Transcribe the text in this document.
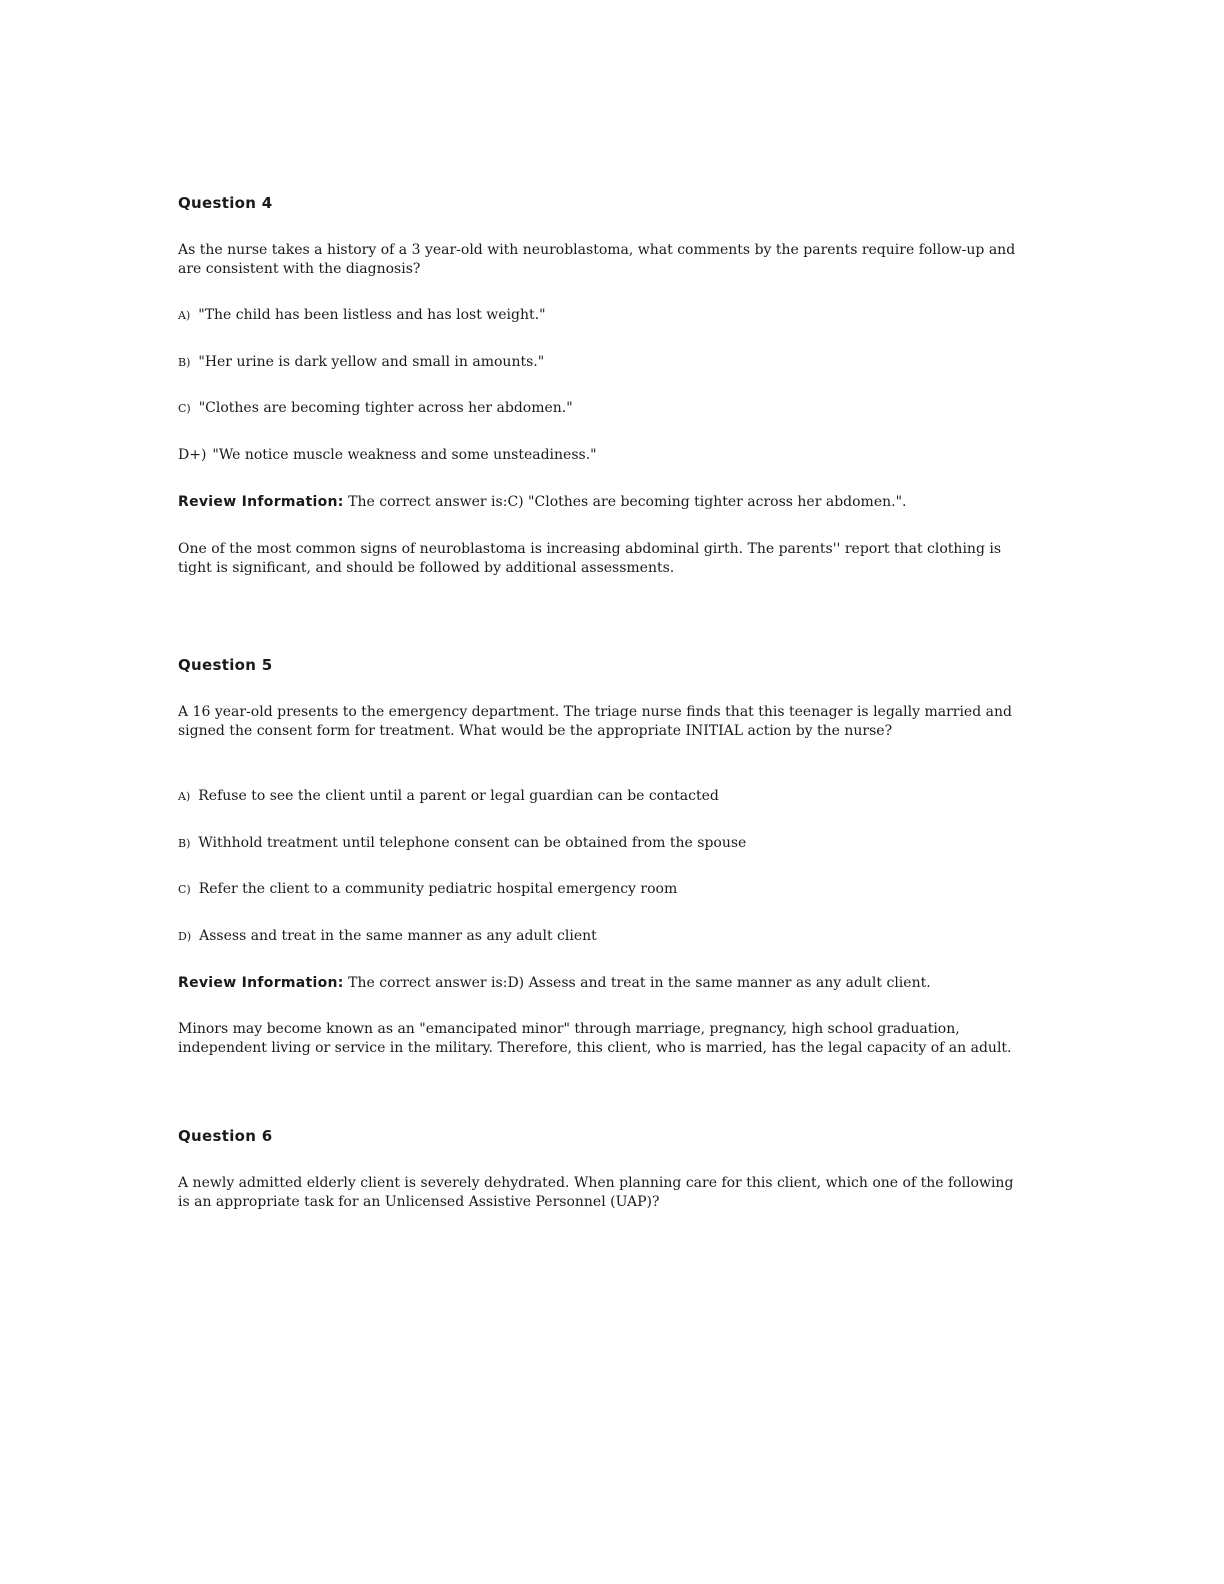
Question 4

As the nurse takes a history of a 3 year-old with neuroblastoma, what comments by the parents require follow-up and are consistent with the diagnosis?

A) "The child has been listless and has lost weight."
B) "Her urine is dark yellow and small in amounts."
C) "Clothes are becoming tighter across her abdomen."
D+) "We notice muscle weakness and some unsteadiness."
Review Information: The correct answer is:C) "Clothes are becoming tighter across her abdomen.".

One of the most common signs of neuroblastoma is increasing abdominal girth. The parents'' report that clothing is tight is significant, and should be followed by additional assessments.

Question 5

A 16 year-old presents to the emergency department. The triage nurse finds that this teenager is legally married and signed the consent form for treatment. What would be the appropriate INITIAL action by the nurse?

A) Refuse to see the client until a parent or legal guardian can be contacted
B) Withhold treatment until telephone consent can be obtained from the spouse
C) Refer the client to a community pediatric hospital emergency room
D) Assess and treat in the same manner as any adult client
Review Information: The correct answer is:D) Assess and treat in the same manner as any adult client.

Minors may become known as an "emancipated minor" through marriage, pregnancy, high school graduation, independent living or service in the military. Therefore, this client, who is married, has the legal capacity of an adult.

Question 6

A newly admitted elderly client is severely dehydrated. When planning care for this client, which one of the following is an appropriate task for an Unlicensed Assistive Personnel (UAP)?
